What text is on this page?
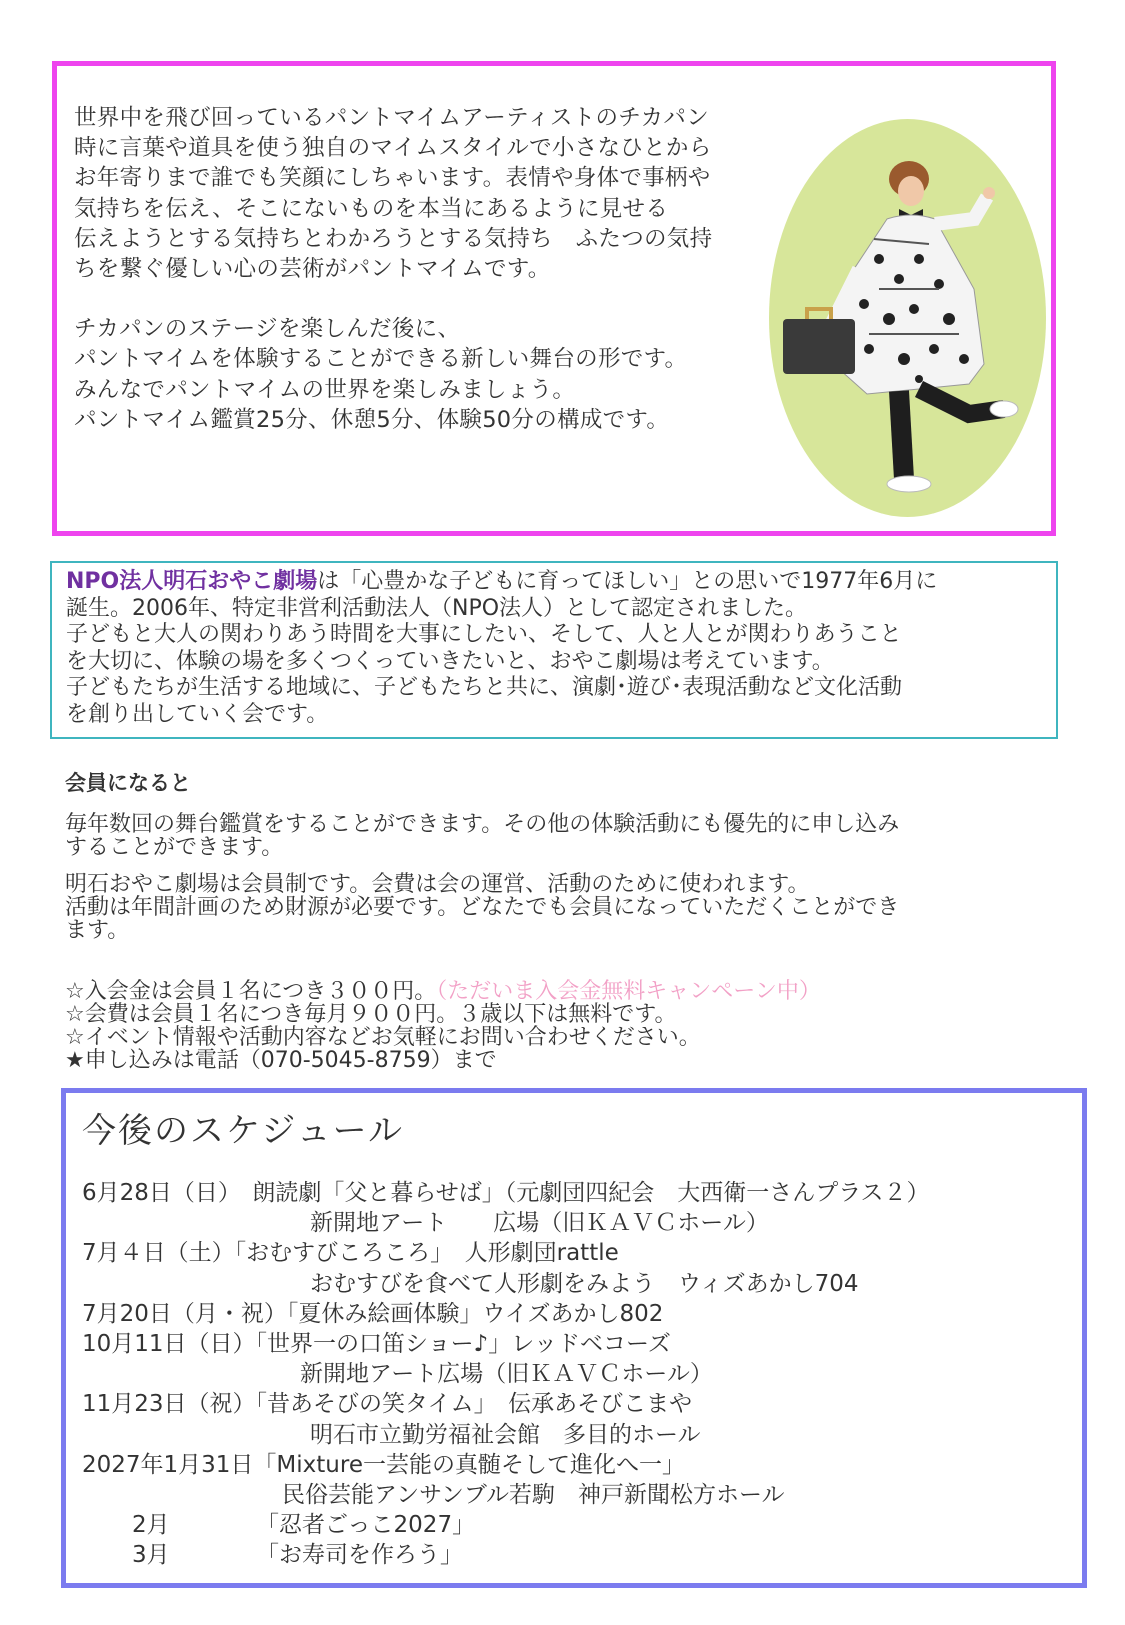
世界中を飛び回っているパントマイムアーティストのチカパン

時に言葉や道具を使う独自のマイムスタイルで小さなひとから

お年寄りまで誰でも笑顔にしちゃいます。表情や身体で事柄や

気持ちを伝え、そこにないものを本当にあるように見せる

伝えようとする気持ちとわかろうとする気持ち　ふたつの気持

ちを繋ぐ優しい心の芸術がパントマイムです。

チカパンのステージを楽しんだ後に、

パントマイムを体験することができる新しい舞台の形です。

みんなでパントマイムの世界を楽しみましょう。

パントマイム鑑賞25分、休憩5分、体験50分の構成です。

NPO法人明石おやこ劇場は「心豊かな子どもに育ってほしい」との思いで1977年6月に

誕生。2006年、特定非営利活動法人（NPO法人）として認定されました。

子どもと大人の関わりあう時間を大事にしたい、そして、人と人とが関わりあうこと

を大切に、体験の場を多くつくっていきたいと、おやこ劇場は考えています。

子どもたちが生活する地域に、子どもたちと共に、演劇･遊び･表現活動など文化活動

を創り出していく会です。

会員になると

毎年数回の舞台鑑賞をすることができます。その他の体験活動にも優先的に申し込み

することができます。

明石おやこ劇場は会員制です。会費は会の運営、活動のために使われます。

活動は年間計画のため財源が必要です。どなたでも会員になっていただくことができ

ます。

☆入会金は会員１名につき３００円。（ただいま入会金無料キャンペーン中）

☆会費は会員１名につき毎月９００円。３歳以下は無料です。

☆イベント情報や活動内容などお気軽にお問い合わせください。

★申し込みは電話（070-5045-8759）まで

今後のスケジュール

6月28日（日）　朗読劇「父と暮らせば」（元劇団四紀会　大西衛一さんプラス２）

新開地アート　　広場（旧ＫＡＶＣホール）

7月４日（土）「おむすびころころ」　人形劇団rattle

おむすびを食べて人形劇をみよう　ウィズあかし704

7月20日（月・祝）「夏休み絵画体験」ウイズあかし802

10月11日（日）「世界一の口笛ショー♪」レッドベコーズ

新開地アート広場（旧ＫＡＶＣホール）

11月23日（祝）「昔あそびの笑タイム」　伝承あそびこまや

明石市立勤労福祉会館　多目的ホール

2027年1月31日「Mixture一芸能の真髄そして進化へ一」

民俗芸能アンサンブル若駒　神戸新聞松方ホール

2月	「忍者ごっこ2027」

3月	「お寿司を作ろう」
